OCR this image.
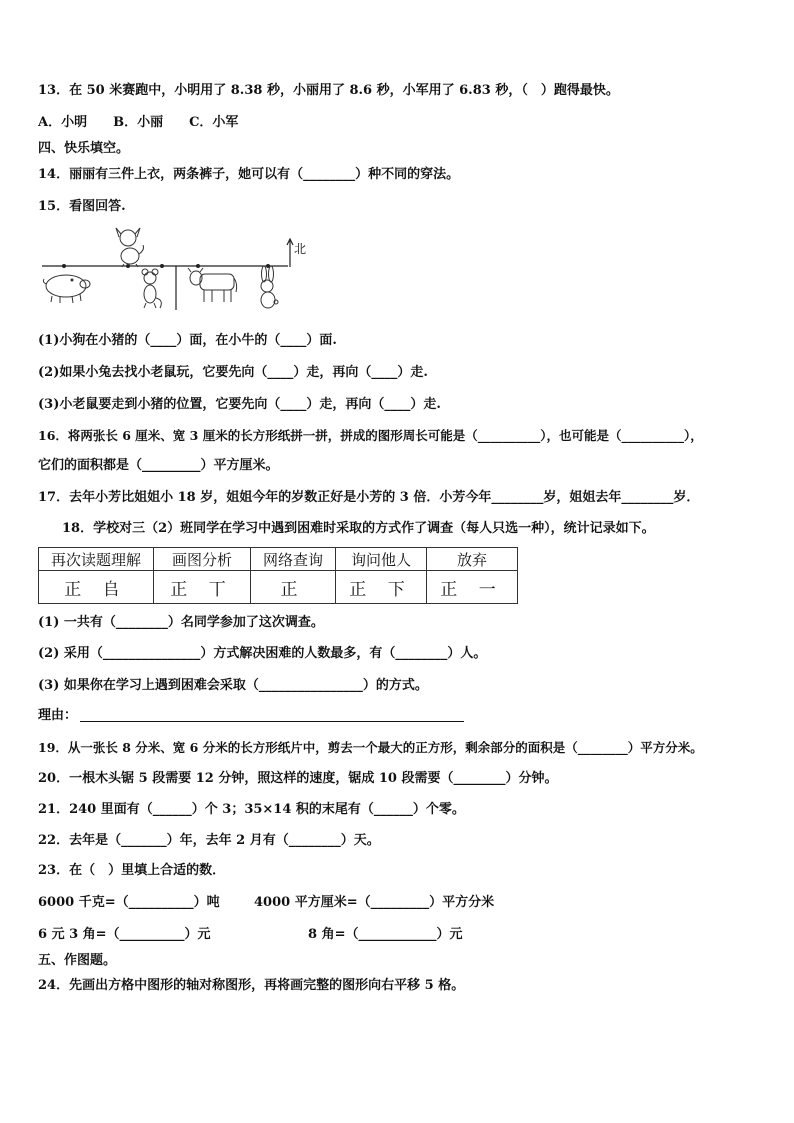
13．在 50 米赛跑中，小明用了 8.38 秒，小丽用了 8.6 秒，小军用了 6.83 秒，（　）跑得最快。
A．小明　　B．小丽　　C．小军
四、快乐填空。
14．丽丽有三件上衣，两条裤子，她可以有（________）种不同的穿法。
15．看图回答.
北
(1)小狗在小猪的（____）面，在小牛的（____）面.
(2)如果小兔去找小老鼠玩，它要先向（____）走，再向（____）走.
(3)小老鼠要走到小猪的位置，它要先向（____）走，再向（____）走.
16．将两张长 6 厘米、宽 3 厘米的长方形纸拼一拼，拼成的图形周长可能是（__________），也可能是（__________），
它们的面积都是（_________）平方厘米。
17．去年小芳比姐姐小 18 岁，姐姐今年的岁数正好是小芳的 3 倍．小芳今年________岁，姐姐去年________岁．
18．学校对三（2）班同学在学习中遇到困难时采取的方式作了调查（每人只选一种），统计记录如下。
再次读题理解	画图分析	网络查询	询问他人	放弃
正 𠂤	正 丅	正	正 下	正 一
(1) 一共有（________）名同学参加了这次调查。
(2) 采用（_______________）方式解决困难的人数最多，有（________）人。
(3) 如果你在学习上遇到困难会采取（________________）的方式。
理由：
19．从一张长 8 分米、宽 6 分米的长方形纸片中，剪去一个最大的正方形，剩余部分的面积是（________）平方分米。
20．一根木头锯 5 段需要 12 分钟，照这样的速度，锯成 10 段需要（________）分钟。
21．240 里面有（______）个 3；35×14 积的末尾有（______）个零。
22．去年是（_______）年，去年 2 月有（________）天。
23．在（　）里填上合适的数．
6000 千克=（__________）吨	4000 平方厘米=（_________）平方分米
6 元 3 角=（__________）元	8 角=（____________）元
五、作图题。
24．先画出方格中图形的轴对称图形，再将画完整的图形向右平移 5 格。
